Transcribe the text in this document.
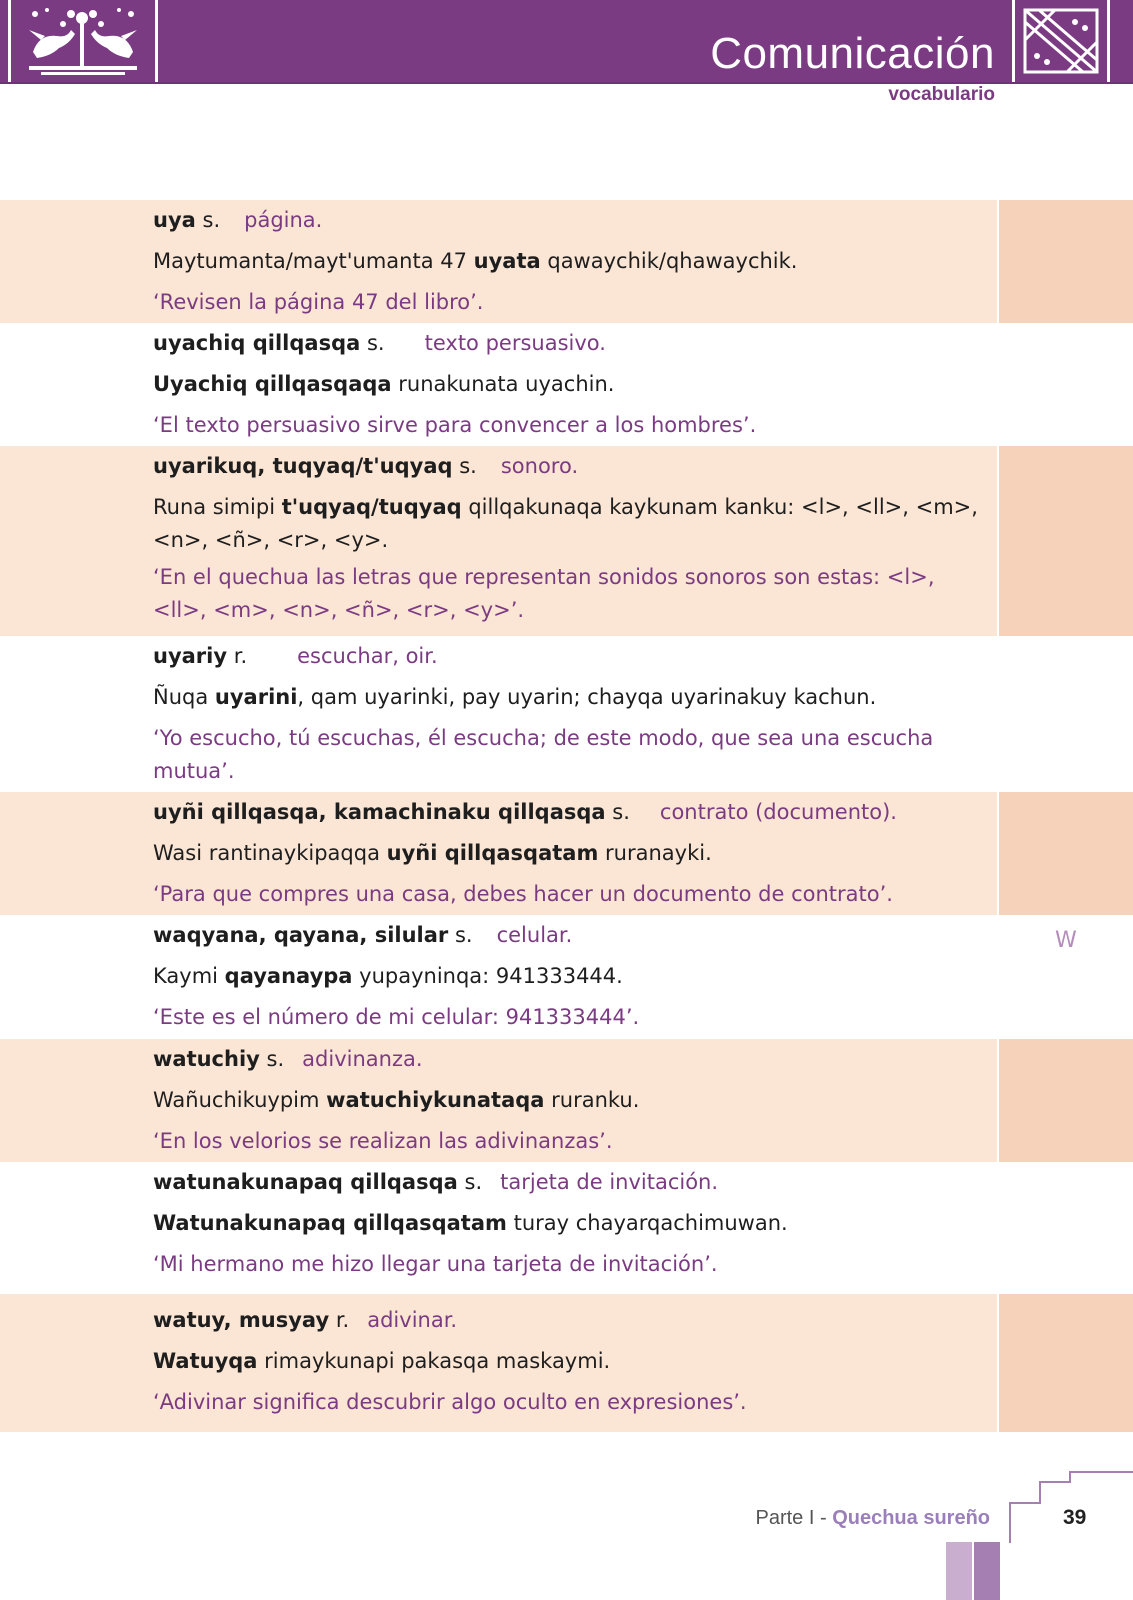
Comunicación
vocabulario
uya s. página.
Maytumanta/mayt'umanta 47 uyata qawaychik/qhawaychik.
‘Revisen la página 47 del libro’.
uyachiq qillqasqa s. texto persuasivo.
Uyachiq qillqasqaqa runakunata uyachin.
‘El texto persuasivo sirve para convencer a los hombres’.
uyarikuq, tuqyaq/t'uqyaq s. sonoro.
Runa simipi t'uqyaq/tuqyaq qillqakunaqa kaykunam kanku: <l>, <ll>, <m>, <n>, <ñ>, <r>, <y>.
‘En el quechua las letras que representan sonidos sonoros son estas: <l>, <ll>, <m>, <n>, <ñ>, <r>, <y>’.
uyariy r. escuchar, oir.
Ñuqa uyarini, qam uyarinki, pay uyarin; chayqa uyarinakuy kachun.
‘Yo escucho, tú escuchas, él escucha; de este modo, que sea una escucha mutua’.
uyñi qillqasqa, kamachinaku qillqasqa s. contrato (documento).
Wasi rantinaykipaqqa uyñi qillqasqatam ruranayki.
‘Para que compres una casa, debes hacer un documento de contrato’.
waqyana, qayana, silular s. celular.
Kaymi qayanaypa yupayninqa: 941333444.
‘Este es el número de mi celular: 941333444’.
W
watuchiy s. adivinanza.
Wañuchikuypim watuchiykunataqa ruranku.
‘En los velorios se realizan las adivinanzas’.
watunakunapaq qillqasqa s. tarjeta de invitación.
Watunakunapaq qillqasqatam turay chayarqachimuwan.
‘Mi hermano me hizo llegar una tarjeta de invitación’.
watuy, musyay r. adivinar.
Watuyqa rimaykunapi pakasqa maskaymi.
‘Adivinar significa descubrir algo oculto en expresiones’.
Parte I - Quechua sureño	39
